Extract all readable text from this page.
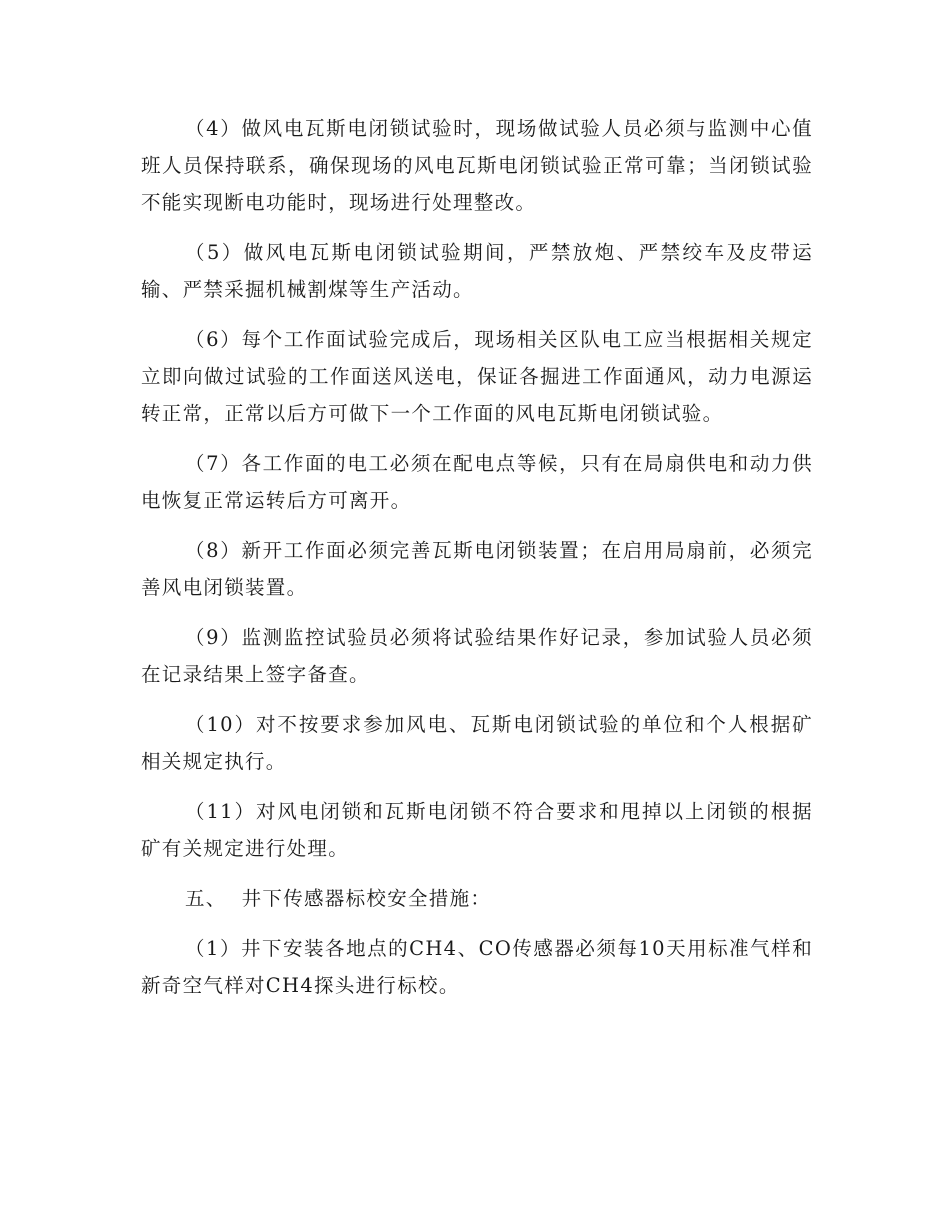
（4）做风电瓦斯电闭锁试验时，现场做试验人员必须与监测中心值班人员保持联系，确保现场的风电瓦斯电闭锁试验正常可靠；当闭锁试验不能实现断电功能时，现场进行处理整改。

（5）做风电瓦斯电闭锁试验期间，严禁放炮、严禁绞车及皮带运输、严禁采掘机械割煤等生产活动。

（6）每个工作面试验完成后，现场相关区队电工应当根据相关规定立即向做过试验的工作面送风送电，保证各掘进工作面通风，动力电源运转正常，正常以后方可做下一个工作面的风电瓦斯电闭锁试验。

（7）各工作面的电工必须在配电点等候，只有在局扇供电和动力供电恢复正常运转后方可离开。

（8）新开工作面必须完善瓦斯电闭锁装置；在启用局扇前，必须完善风电闭锁装置。

（9）监测监控试验员必须将试验结果作好记录，参加试验人员必须在记录结果上签字备查。

（10）对不按要求参加风电、瓦斯电闭锁试验的单位和个人根据矿相关规定执行。

（11）对风电闭锁和瓦斯电闭锁不符合要求和甩掉以上闭锁的根据矿有关规定进行处理。

五、  井下传感器标校安全措施：

（1）井下安装各地点的CH4、CO传感器必须每10天用标准气样和新奇空气样对CH4探头进行标校。
